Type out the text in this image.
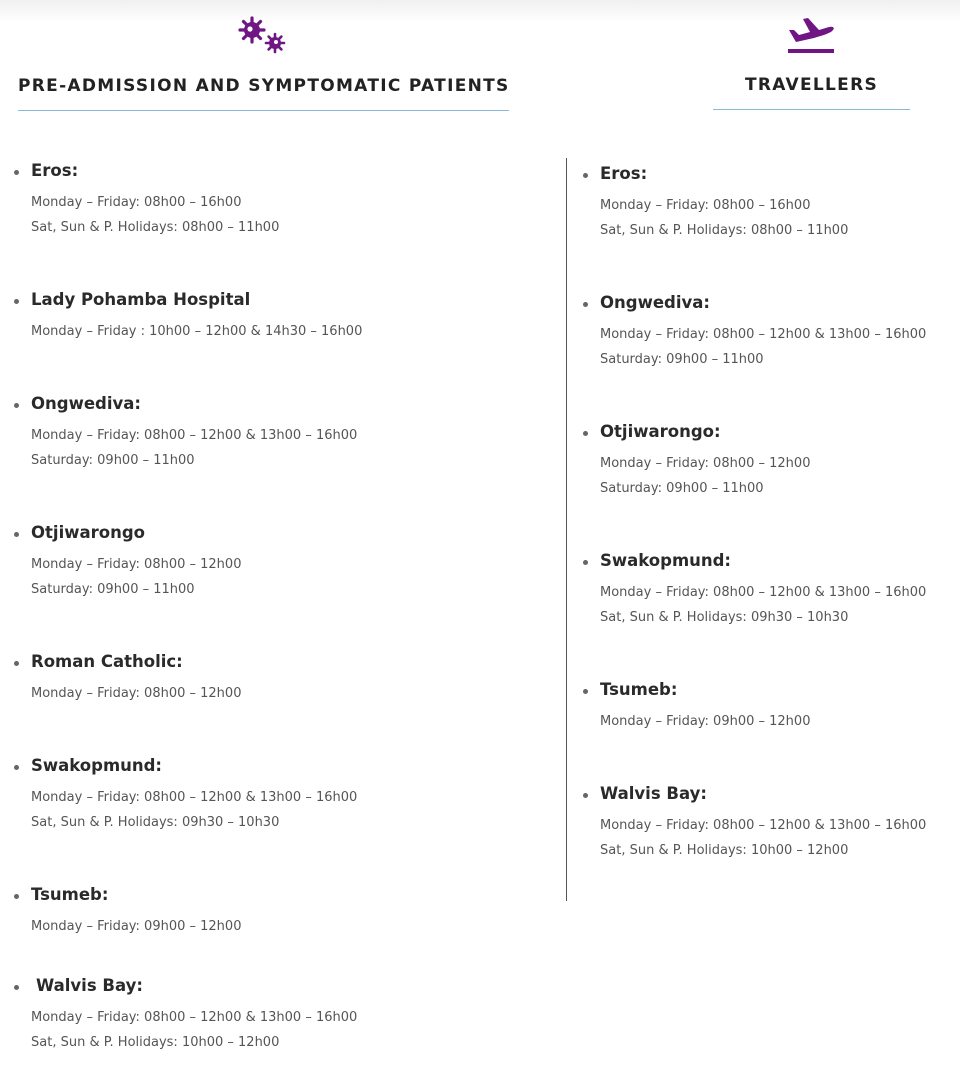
PRE-ADMISSION AND SYMPTOMATIC PATIENTS	TRAVELLERS
Eros:
Monday – Friday: 08h00 – 16h00
Sat, Sun & P. Holidays: 08h00 – 11h00
Lady Pohamba Hospital
Monday – Friday : 10h00 – 12h00 & 14h30 – 16h00
Ongwediva:
Monday – Friday: 08h00 – 12h00 & 13h00 – 16h00
Saturday: 09h00 – 11h00
Otjiwarongo
Monday – Friday: 08h00 – 12h00
Saturday: 09h00 – 11h00
Roman Catholic:
Monday – Friday: 08h00 – 12h00
Swakopmund:
Monday – Friday: 08h00 – 12h00 & 13h00 – 16h00
Sat, Sun & P. Holidays: 09h30 – 10h30
Tsumeb:
Monday – Friday: 09h00 – 12h00
Walvis Bay:
Monday – Friday: 08h00 – 12h00 & 13h00 – 16h00
Sat, Sun & P. Holidays: 10h00 – 12h00
Eros:
Monday – Friday: 08h00 – 16h00
Sat, Sun & P. Holidays: 08h00 – 11h00
Ongwediva:
Monday – Friday: 08h00 – 12h00 & 13h00 – 16h00
Saturday: 09h00 – 11h00
Otjiwarongo:
Monday – Friday: 08h00 – 12h00
Saturday: 09h00 – 11h00
Swakopmund:
Monday – Friday: 08h00 – 12h00 & 13h00 – 16h00
Sat, Sun & P. Holidays: 09h30 – 10h30
Tsumeb:
Monday – Friday: 09h00 – 12h00
Walvis Bay:
Monday – Friday: 08h00 – 12h00 & 13h00 – 16h00
Sat, Sun & P. Holidays: 10h00 – 12h00
